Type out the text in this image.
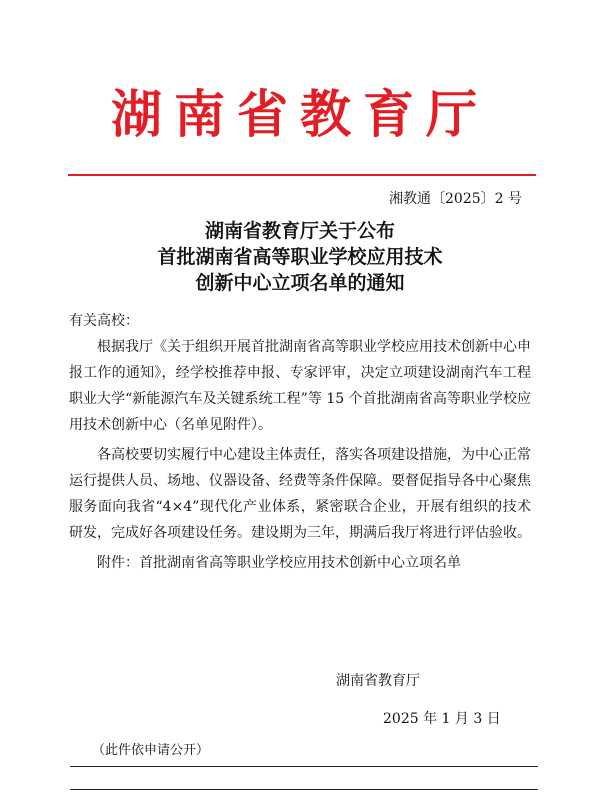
湖南省教育厅
湘教通〔2025〕2 号
湖南省教育厅关于公布
首批湖南省高等职业学校应用技术
创新中心立项名单的通知
有关高校：

根据我厅《关于组织开展首批湖南省高等职业学校应用技术创新中心申报工作的通知》，经学校推荐申报、专家评审，决定立项建设湖南汽车工程职业大学“新能源汽车及关键系统工程”等 15 个首批湖南省高等职业学校应用技术创新中心（名单见附件）。

各高校要切实履行中心建设主体责任，落实各项建设措施，为中心正常运行提供人员、场地、仪器设备、经费等条件保障。要督促指导各中心聚焦服务面向我省“4×4”现代化产业体系，紧密联合企业，开展有组织的技术研发，完成好各项建设任务。建设期为三年，期满后我厅将进行评估验收。

附件：首批湖南省高等职业学校应用技术创新中心立项名单
湖南省教育厅
2025 年 1 月 3 日
（此件依申请公开）
